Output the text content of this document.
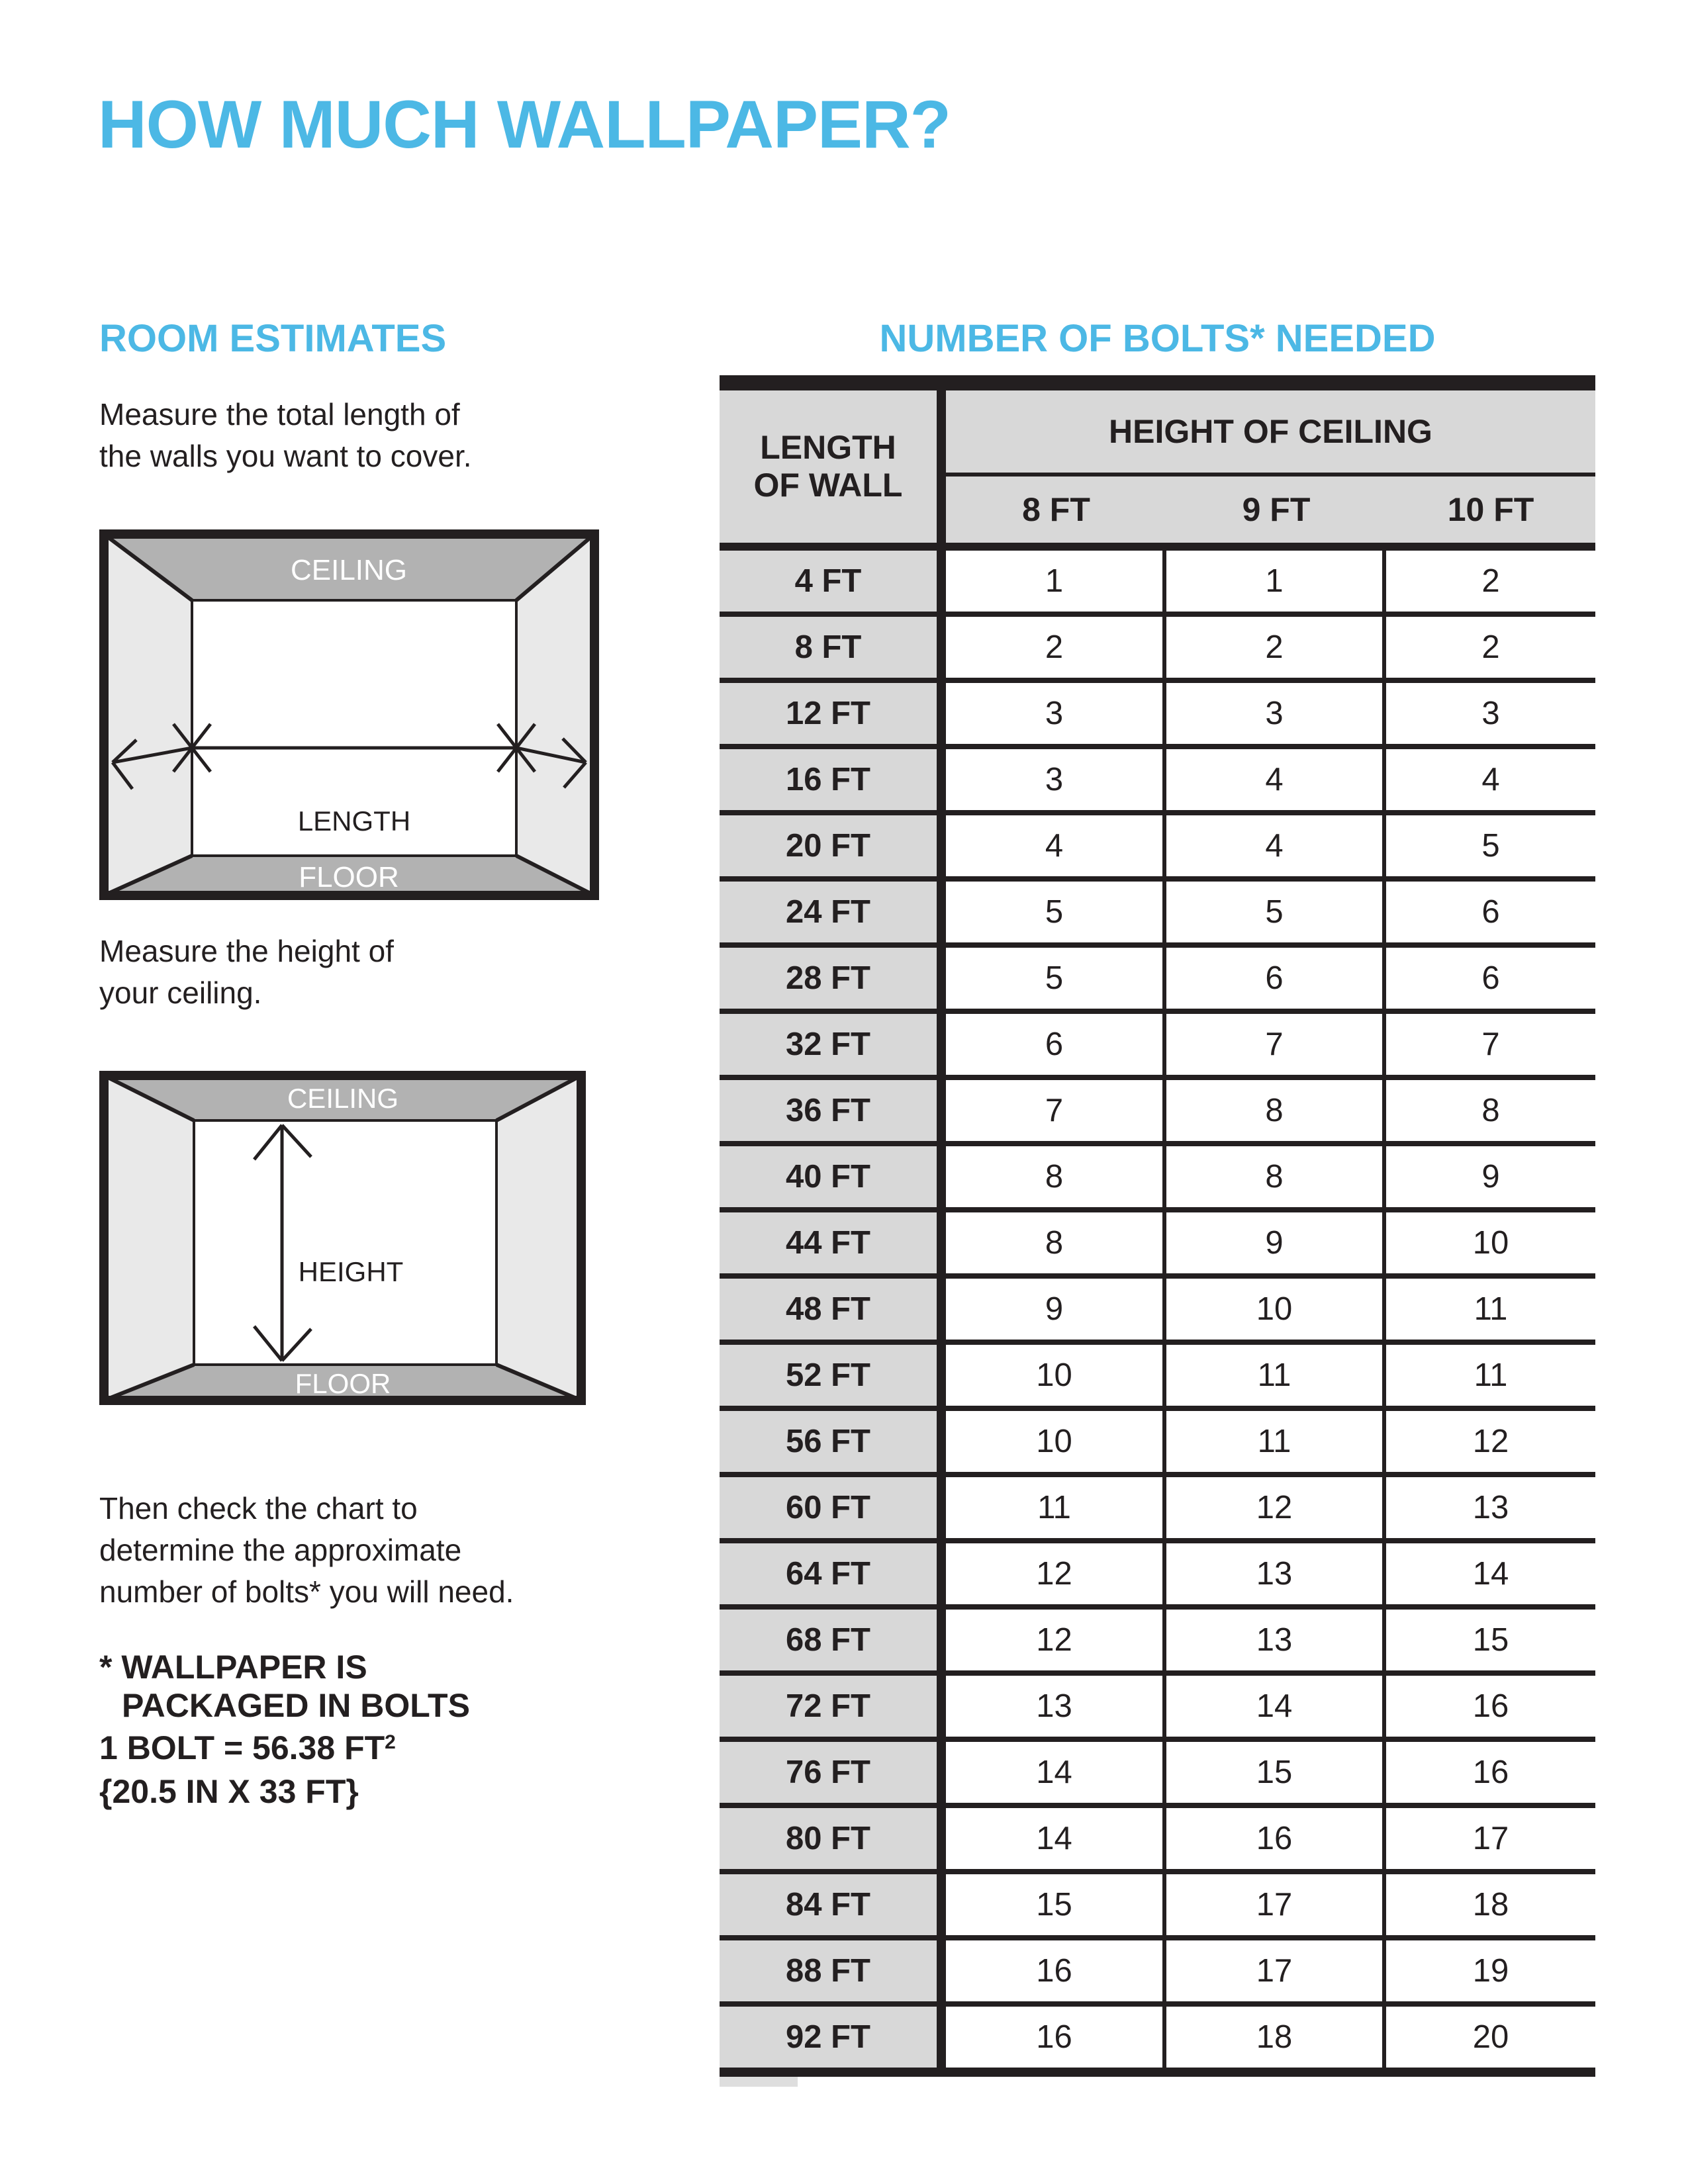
HOW MUCH WALLPAPER?
ROOM ESTIMATES	NUMBER OF BOLTS* NEEDED
Measure the total length of
the walls you want to cover.
CEILING
LENGTH
FLOOR
Measure the height of
your ceiling.
CEILING
HEIGHT
FLOOR
Then check the chart to
determine the approximate
number of bolts* you will need.
* WALLPAPER IS
PACKAGED IN BOLTS
1 BOLT = 56.38 $FT^2$
{20.5 IN X 33 FT}
LENGTH
OF WALL
HEIGHT OF CEILING
8 FT	9 FT	10 FT
4 FT	1	1	2
8 FT	2	2	2
12 FT	3	3	3
16 FT	3	4	4
20 FT	4	4	5
24 FT	5	5	6
28 FT	5	6	6
32 FT	6	7	7
36 FT	7	8	8
40 FT	8	8	9
44 FT	8	9	10
48 FT	9	10	11
52 FT	10	11	11
56 FT	10	11	12
60 FT	11	12	13
64 FT	12	13	14
68 FT	12	13	15
72 FT	13	14	16
76 FT	14	15	16
80 FT	14	16	17
84 FT	15	17	18
88 FT	16	17	19
92 FT	16	18	20
